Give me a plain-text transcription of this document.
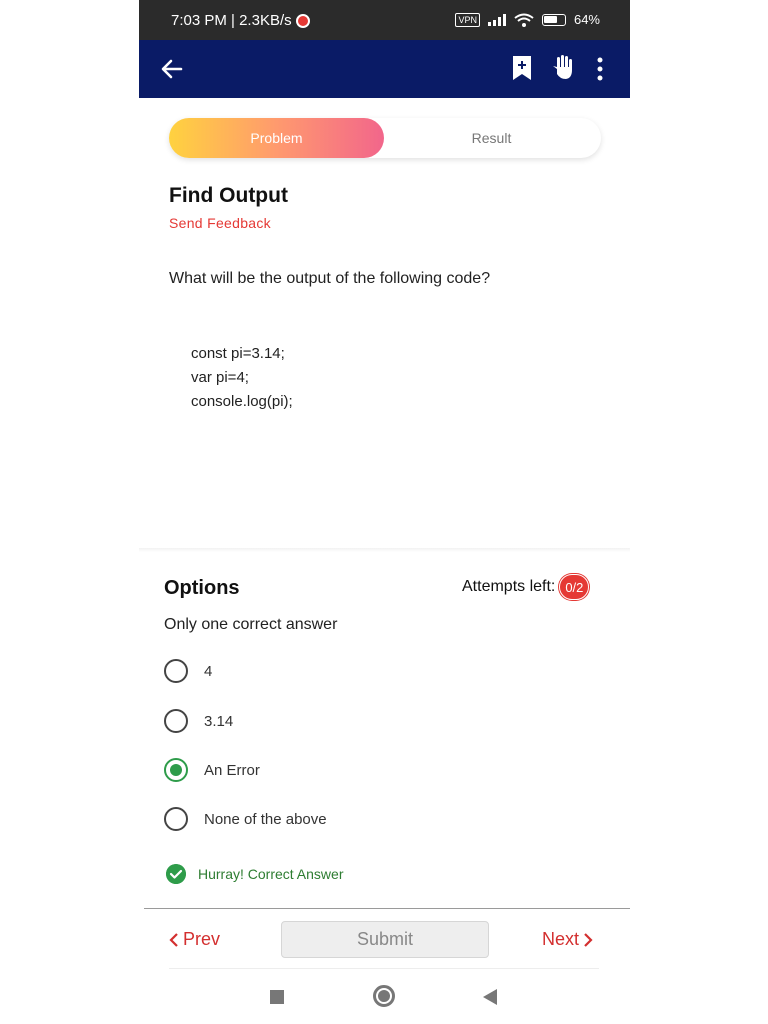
7:03 PM | 2.3KB/s	VPN	64%
Problem	Result
Find Output
Send Feedback
What will be the output of the following code?
const pi=3.14;
var pi=4;
console.log(pi);
Options	Attempts left: 0/2
Only one correct answer
4
3.14
An Error
None of the above
Hurray! Correct Answer
Prev	Submit	Next
